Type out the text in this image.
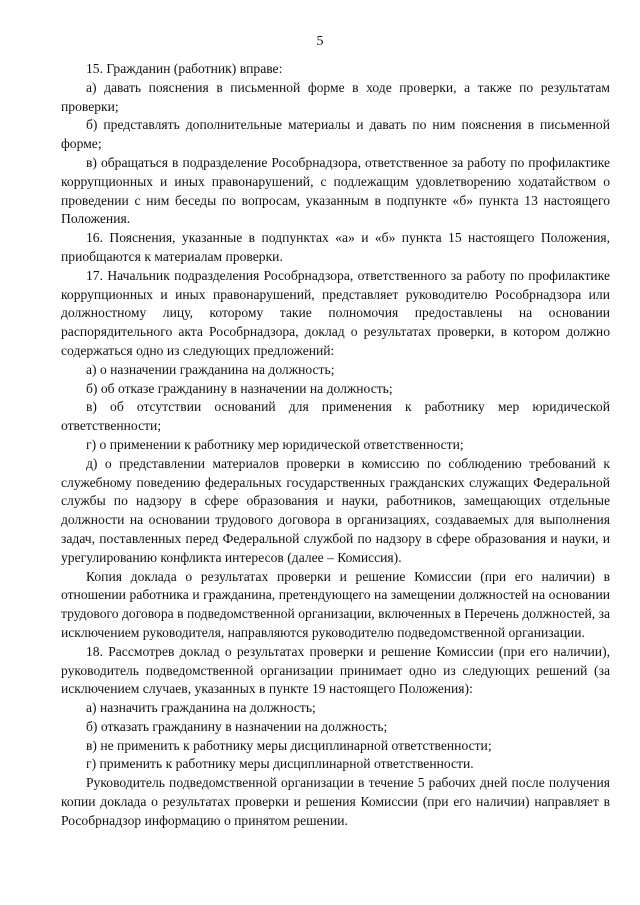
5

15. Гражданин (работник) вправе:

а) давать пояснения в письменной форме в ходе проверки, а также по результатам проверки;

б) представлять дополнительные материалы и давать по ним пояснения в письменной форме;

в) обращаться в подразделение Рособрнадзора, ответственное за работу по профилактике коррупционных и иных правонарушений, с подлежащим удовлетворению ходатайством о проведении с ним беседы по вопросам, указанным в подпункте «б» пункта 13 настоящего Положения.

16. Пояснения, указанные в подпунктах «а» и «б» пункта 15 настоящего Положения, приобщаются к материалам проверки.

17. Начальник подразделения Рособрнадзора, ответственного за работу по профилактике коррупционных и иных правонарушений, представляет руководителю Рособрнадзора или должностному лицу, которому такие полномочия предоставлены на основании распорядительного акта Рособрнадзора, доклад о результатах проверки, в котором должно содержаться одно из следующих предложений:

а) о назначении гражданина на должность;

б) об отказе гражданину в назначении на должность;

в) об отсутствии оснований для применения к работнику мер юридической ответственности;

г) о применении к работнику мер юридической ответственности;

д) о представлении материалов проверки в комиссию по соблюдению требований к служебному поведению федеральных государственных гражданских служащих Федеральной службы по надзору в сфере образования и науки, работников, замещающих отдельные должности на основании трудового договора в организациях, создаваемых для выполнения задач, поставленных перед Федеральной службой по надзору в сфере образования и науки, и урегулированию конфликта интересов (далее – Комиссия).

Копия доклада о результатах проверки и решение Комиссии (при его наличии) в отношении работника и гражданина, претендующего на замещении должностей на основании трудового договора в подведомственной организации, включенных в Перечень должностей, за исключением руководителя, направляются руководителю подведомственной организации.

18. Рассмотрев доклад о результатах проверки и решение Комиссии (при его наличии), руководитель подведомственной организации принимает одно из следующих решений (за исключением случаев, указанных в пункте 19 настоящего Положения):

а) назначить гражданина на должность;

б) отказать гражданину в назначении на должность;

в) не применить к работнику меры дисциплинарной ответственности;

г) применить к работнику меры дисциплинарной ответственности.

Руководитель подведомственной организации в течение 5 рабочих дней после получения копии доклада о результатах проверки и решения Комиссии (при его наличии) направляет в Рособрнадзор информацию о принятом решении.
